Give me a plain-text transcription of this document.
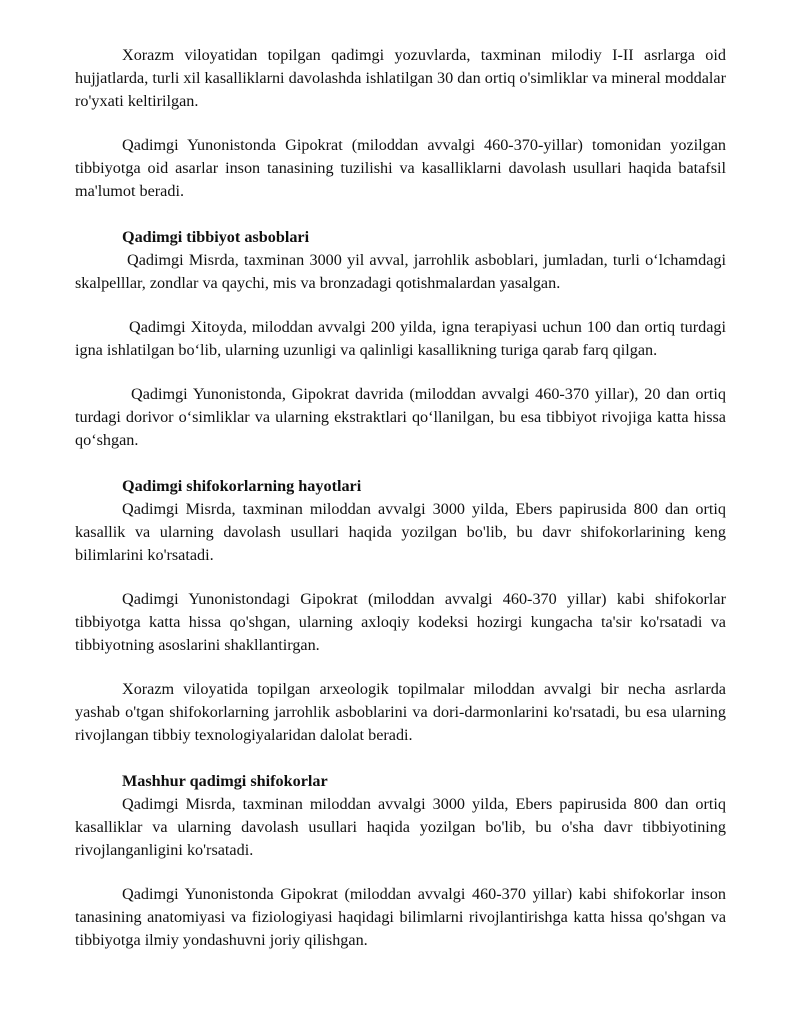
Xorazm viloyatidan topilgan qadimgi yozuvlarda, taxminan milodiy I-II asrlarga oid hujjatlarda, turli xil kasalliklarni davolashda ishlatilgan 30 dan ortiq o'simliklar va mineral moddalar ro'yxati keltirilgan.

Qadimgi Yunonistonda Gipokrat (miloddan avvalgi 460-370-yillar) tomonidan yozilgan tibbiyotga oid asarlar inson tanasining tuzilishi va kasalliklarni davolash usullari haqida batafsil ma'lumot beradi.

Qadimgi tibbiyot asboblari

Qadimgi Misrda, taxminan 3000 yil avval, jarrohlik asboblari, jumladan, turli oʻlchamdagi skalpelllar, zondlar va qaychi, mis va bronzadagi qotishmalardan yasalgan.

Qadimgi Xitoyda, miloddan avvalgi 200 yilda, igna terapiyasi uchun 100 dan ortiq turdagi igna ishlatilgan boʻlib, ularning uzunligi va qalinligi kasallikning turiga qarab farq qilgan.

Qadimgi Yunonistonda, Gipokrat davrida (miloddan avvalgi 460-370 yillar), 20 dan ortiq turdagi dorivor oʻsimliklar va ularning ekstraktlari qoʻllanilgan, bu esa tibbiyot rivojiga katta hissa qoʻshgan.

Qadimgi shifokorlarning hayotlari

Qadimgi Misrda, taxminan miloddan avvalgi 3000 yilda, Ebers papirusida 800 dan ortiq kasallik va ularning davolash usullari haqida yozilgan bo'lib, bu davr shifokorlarining keng bilimlarini ko'rsatadi.

Qadimgi Yunonistondagi Gipokrat (miloddan avvalgi 460-370 yillar) kabi shifokorlar tibbiyotga katta hissa qo'shgan, ularning axloqiy kodeksi hozirgi kungacha ta'sir ko'rsatadi va tibbiyotning asoslarini shakllantirgan.

Xorazm viloyatida topilgan arxeologik topilmalar miloddan avvalgi bir necha asrlarda yashab o'tgan shifokorlarning jarrohlik asboblarini va dori-darmonlarini ko'rsatadi, bu esa ularning rivojlangan tibbiy texnologiyalaridan dalolat beradi.

Mashhur qadimgi shifokorlar

Qadimgi Misrda, taxminan miloddan avvalgi 3000 yilda, Ebers papirusida 800 dan ortiq kasalliklar va ularning davolash usullari haqida yozilgan bo'lib, bu o'sha davr tibbiyotining rivojlanganligini ko'rsatadi.

Qadimgi Yunonistonda Gipokrat (miloddan avvalgi 460-370 yillar) kabi shifokorlar inson tanasining anatomiyasi va fiziologiyasi haqidagi bilimlarni rivojlantirishga katta hissa qo'shgan va tibbiyotga ilmiy yondashuvni joriy qilishgan.
